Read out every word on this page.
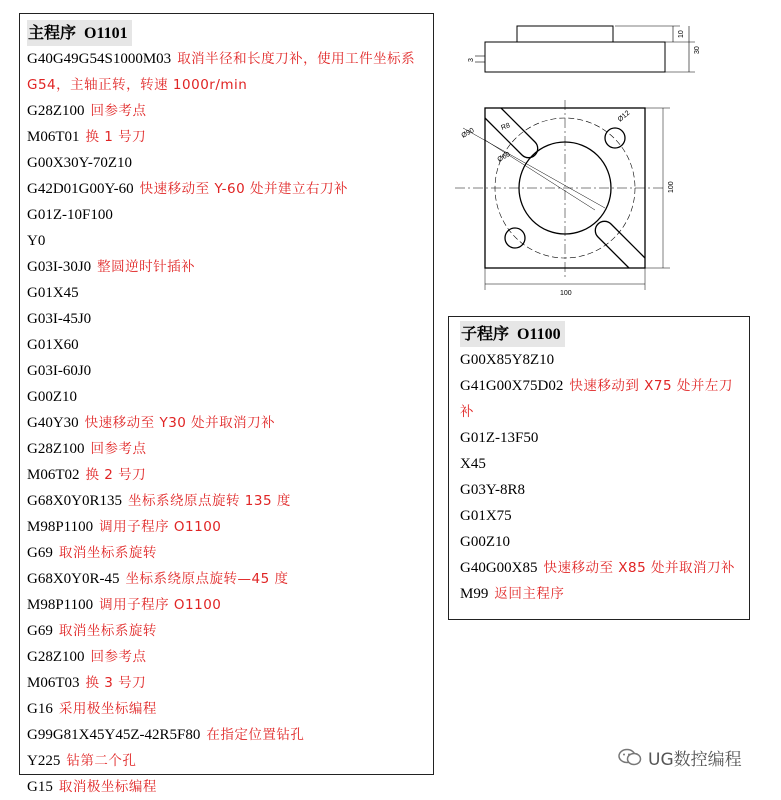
主程序 O1101
G40G49G54S1000M03 取消半径和长度刀补，使用工件坐标系 G54，主轴正转，转速 1000r/min
G28Z100 回参考点
M06T01 换 1 号刀
G00X30Y-70Z10
G42D01G00Y-60 快速移动至 Y-60 处并建立右刀补
G01Z-10F100
Y0
G03I-30J0 整圆逆时针插补
G01X45
G03I-45J0
G01X60
G03I-60J0
G00Z10
G40Y30 快速移动至 Y30 处并取消刀补
G28Z100 回参考点
M06T02 换 2 号刀
G68X0Y0R135 坐标系绕原点旋转 135 度
M98P1100 调用子程序 O1100
G69 取消坐标系旋转
G68X0Y0R-45 坐标系绕原点旋转—45 度
M98P1100 调用子程序 O1100
G69 取消坐标系旋转
G28Z100 回参考点
M06T03 换 3 号刀
G16 采用极坐标编程
G99G81X45Y45Z-42R5F80 在指定位置钻孔
Y225 钻第二个孔
G15 取消极坐标编程
子程序 O1100
G00X85Y8Z10
G41G00X75D02 快速移动到 X75 处并左刀补
G01Z-13F50
X45
G03Y-8R8
G01X75
G00Z10
G40G00X85 快速移动至 X85 处并取消刀补
M99 返回主程序
10
30
3
100
100
Ø12
R8
Ø90
Ø60
UG数控编程
